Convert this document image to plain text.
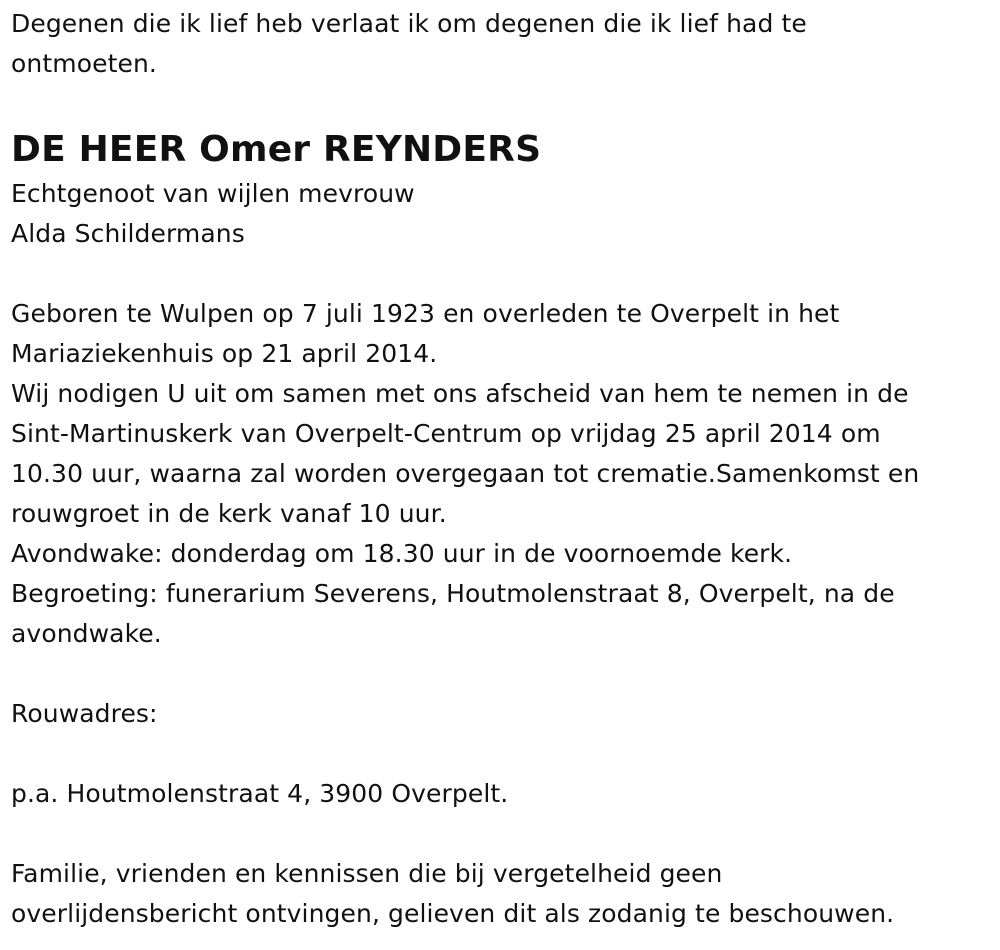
Degenen die ik lief heb verlaat ik om degenen die ik lief had te
ontmoeten.
DE HEER Omer REYNDERS
Echtgenoot van wijlen mevrouw
Alda Schildermans
Geboren te Wulpen op 7 juli 1923 en overleden te Overpelt in het
Mariaziekenhuis op 21 april 2014.
Wij nodigen U uit om samen met ons afscheid van hem te nemen in de
Sint-Martinuskerk van Overpelt-Centrum op vrijdag 25 april 2014 om
10.30 uur, waarna zal worden overgegaan tot crematie.Samenkomst en
rouwgroet in de kerk vanaf 10 uur.
Avondwake: donderdag om 18.30 uur in de voornoemde kerk.
Begroeting: funerarium Severens, Houtmolenstraat 8, Overpelt, na de
avondwake.
Rouwadres:
p.a. Houtmolenstraat 4, 3900 Overpelt.
Familie, vrienden en kennissen die bij vergetelheid geen
overlijdensbericht ontvingen, gelieven dit als zodanig te beschouwen.
